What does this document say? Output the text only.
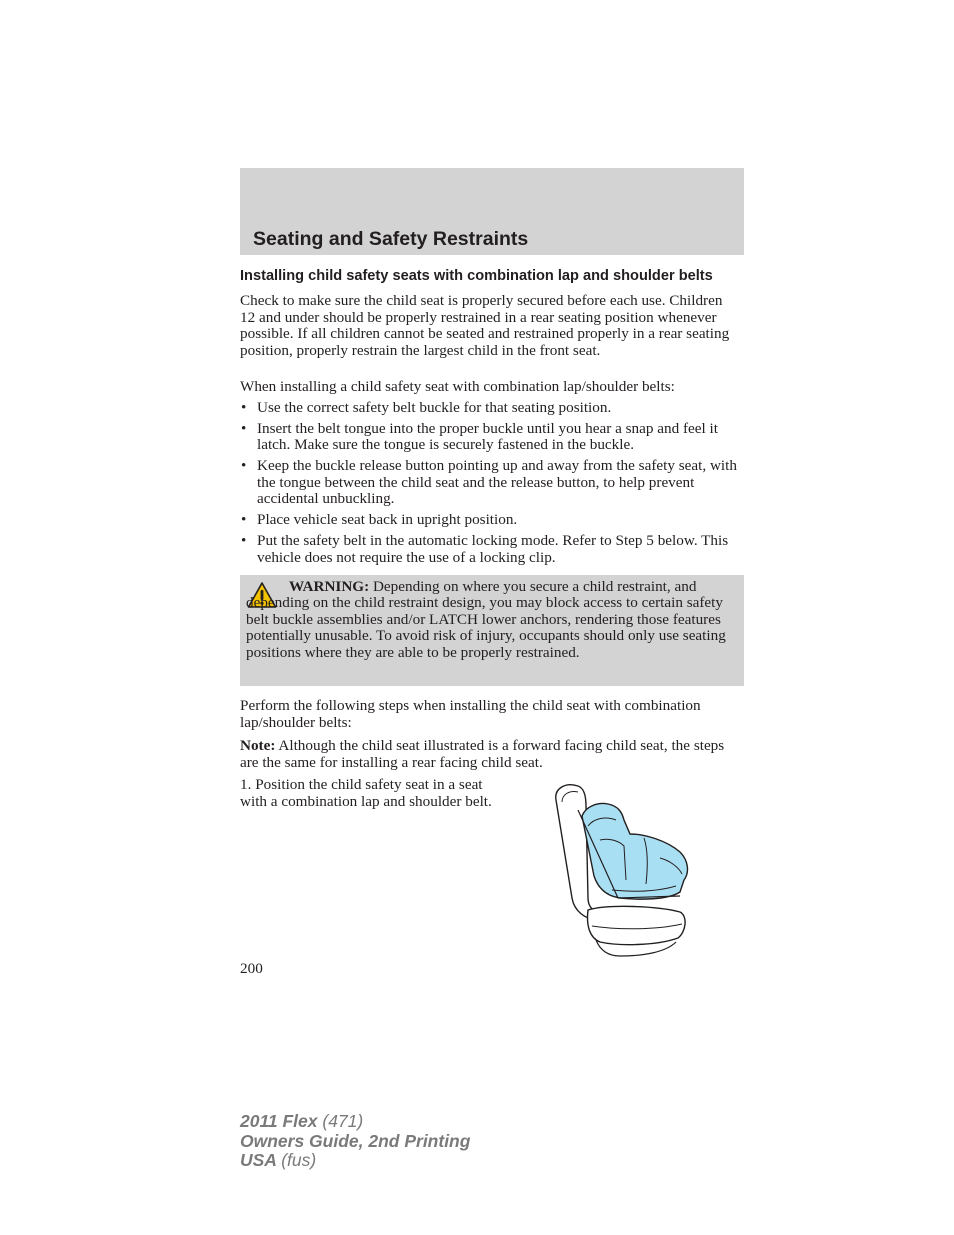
Seating and Safety Restraints
Installing child safety seats with combination lap and shoulder belts
Check to make sure the child seat is properly secured before each use. Children 12 and under should be properly restrained in a rear seating position whenever possible. If all children cannot be seated and restrained properly in a rear seating position, properly restrain the largest child in the front seat.
When installing a child safety seat with combination lap/shoulder belts:
• Use the correct safety belt buckle for that seating position.
• Insert the belt tongue into the proper buckle until you hear a snap and feel it latch. Make sure the tongue is securely fastened in the buckle.
• Keep the buckle release button pointing up and away from the safety seat, with the tongue between the child seat and the release button, to help prevent accidental unbuckling.
• Place vehicle seat back in upright position.
• Put the safety belt in the automatic locking mode. Refer to Step 5 below. This vehicle does not require the use of a locking clip.
WARNING: Depending on where you secure a child restraint, and depending on the child restraint design, you may block access to certain safety belt buckle assemblies and/or LATCH lower anchors, rendering those features potentially unusable. To avoid risk of injury, occupants should only use seating positions where they are able to be properly restrained.
Perform the following steps when installing the child seat with combination lap/shoulder belts:
Note: Although the child seat illustrated is a forward facing child seat, the steps are the same for installing a rear facing child seat.
1. Position the child safety seat in a seat with a combination lap and shoulder belt.
200
2011 Flex (471)
Owners Guide, 2nd Printing
USA (fus)
